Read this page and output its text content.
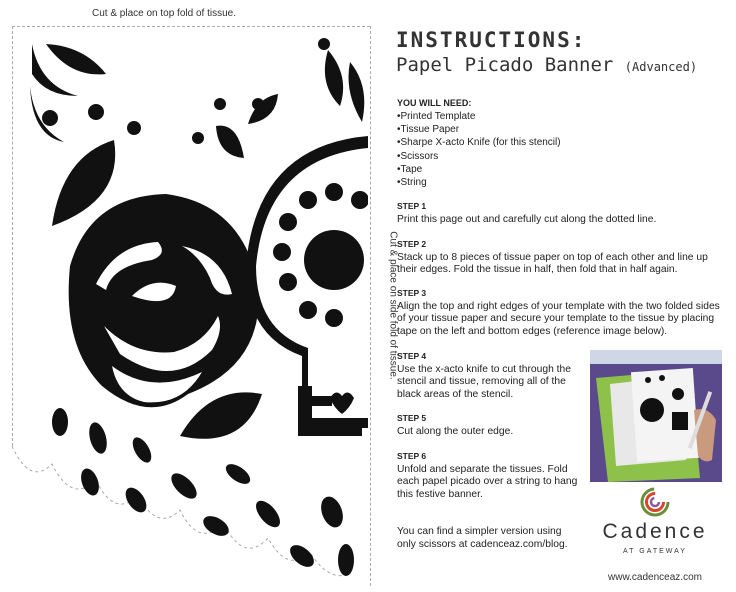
Cut & place on top fold of tissue.
Cut & place on side fold of tissue.
INSTRUCTIONS:
Papel Picado Banner (Advanced)
YOU WILL NEED:
• Printed Template
• Tissue Paper
• Sharpe X-acto Knife (for this stencil)
• Scissors
• Tape
• String
STEP 1
Print this page out and carefully cut along the dotted line.
STEP 2
Stack up to 8 pieces of tissue paper on top of each other and line up their edges. Fold the tissue in half, then fold that in half again.
STEP 3
Align the top and right edges of your template with the two folded sides of your tissue paper and secure your template to the tissue by placing tape on the left and bottom edges (reference image below).
STEP 4
Use the x-acto knife to cut through the stencil and tissue, removing all of the black areas of the stencil.
STEP 5
Cut along the outer edge.
STEP 6
Unfold and separate the tissues. Fold each papel picado over a string to hang this festive banner.
You can find a simpler version using only scissors at cadenceaz.com/blog.
Cadence
AT GATEWAY
www.cadenceaz.com
